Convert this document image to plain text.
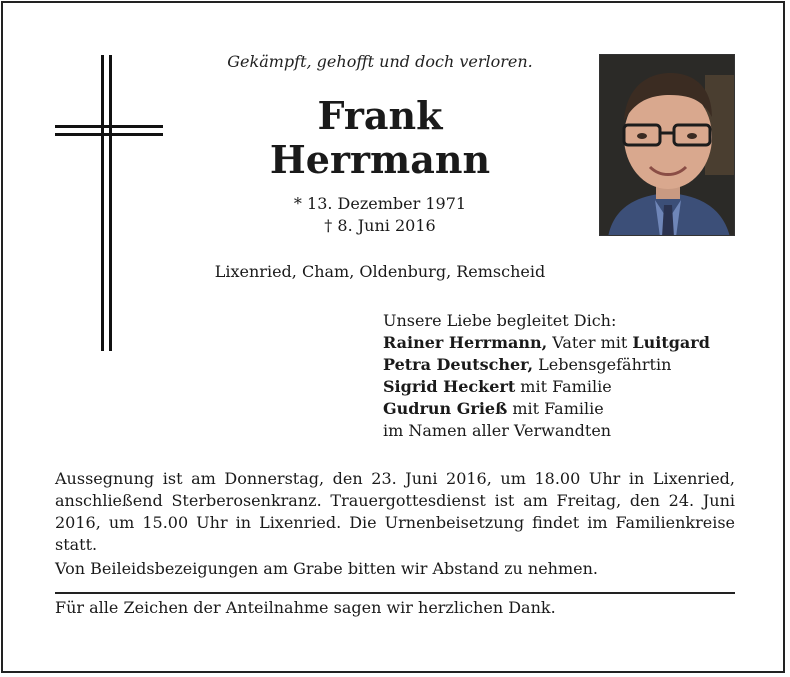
Gekämpft, gehofft und doch verloren.
Frank
Herrmann
* 13. Dezember 1971
† 8. Juni 2016
Lixenried, Cham, Oldenburg, Remscheid
Unsere Liebe begleitet Dich:
Rainer Herrmann, Vater mit Luitgard
Petra Deutscher, Lebensgefährtin
Sigrid Heckert mit Familie
Gudrun Grieß mit Familie
im Namen aller Verwandten

Aussegnung ist am Donnerstag, den 23. Juni 2016, um 18.00 Uhr in Lixenried, anschließend Sterberosenkranz. Trauergottesdienst ist am Freitag, den 24. Juni 2016, um 15.00 Uhr in Lixenried. Die Urnenbeisetzung findet im Familienkreise statt.

Von Beileidsbezeigungen am Grabe bitten wir Abstand zu nehmen.

Für alle Zeichen der Anteilnahme sagen wir herzlichen Dank.
